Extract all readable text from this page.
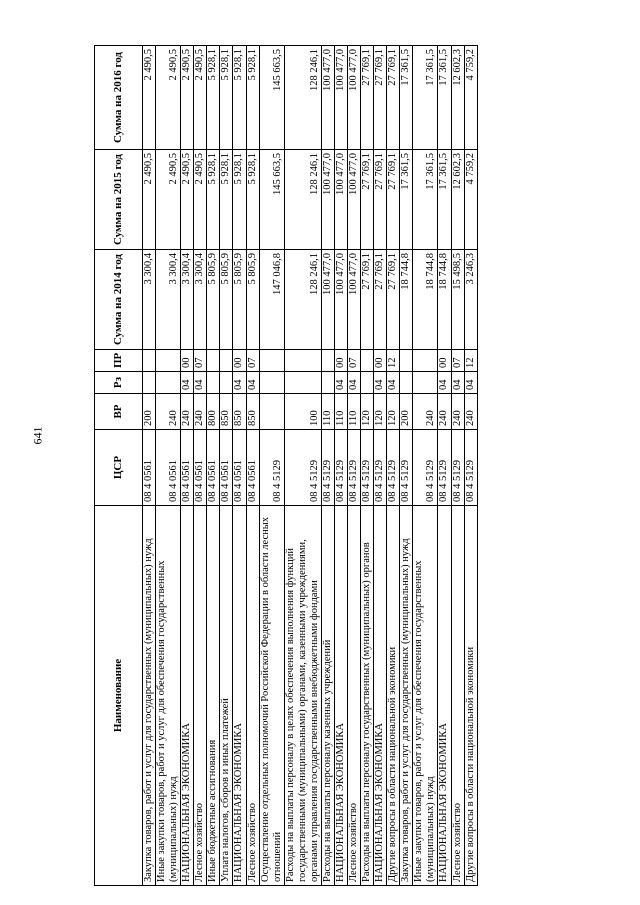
641
Наименование	ЦСР	ВР	Рз	ПР	Сумма на 2014 год	Сумма на 2015 год	Сумма на 2016 год
Закупка товаров, работ и услуг для государственных (муниципальных) нужд	08 4 0561	200			3 300,4	2 490,5	2 490,5
Иные закупки товаров, работ и услуг для обеспечения государственных (муниципальных) нужд	08 4 0561	240			3 300,4	2 490,5	2 490,5
НАЦИОНАЛЬНАЯ ЭКОНОМИКА	08 4 0561	240	04	00	3 300,4	2 490,5	2 490,5
Лесное хозяйство	08 4 0561	240	04	07	3 300,4	2 490,5	2 490,5
Иные бюджетные ассигнования	08 4 0561	800			5 805,9	5 928,1	5 928,1
Уплата налогов, сборов и иных платежей	08 4 0561	850			5 805,9	5 928,1	5 928,1
НАЦИОНАЛЬНАЯ ЭКОНОМИКА	08 4 0561	850	04	00	5 805,9	5 928,1	5 928,1
Лесное хозяйство	08 4 0561	850	04	07	5 805,9	5 928,1	5 928,1
Осуществление отдельных полномочий Российской Федерации в области лесных отношений	08 4 5129				147 046,8	145 663,5	145 663,5
Расходы на выплаты персоналу в целях обеспечения выполнения функций государственными (муниципальными) органами, казенными учреждениями, органами управления государственными внебюджетными фондами	08 4 5129	100			128 246,1	128 246,1	128 246,1
Расходы на выплаты персоналу казенных учреждений	08 4 5129	110			100 477,0	100 477,0	100 477,0
НАЦИОНАЛЬНАЯ ЭКОНОМИКА	08 4 5129	110	04	00	100 477,0	100 477,0	100 477,0
Лесное хозяйство	08 4 5129	110	04	07	100 477,0	100 477,0	100 477,0
Расходы на выплаты персоналу государственных (муниципальных) органов	08 4 5129	120			27 769,1	27 769,1	27 769,1
НАЦИОНАЛЬНАЯ ЭКОНОМИКА	08 4 5129	120	04	00	27 769,1	27 769,1	27 769,1
Другие вопросы в области национальной экономики	08 4 5129	120	04	12	27 769,1	27 769,1	27 769,1
Закупка товаров, работ и услуг для государственных (муниципальных) нужд	08 4 5129	200			18 744,8	17 361,5	17 361,5
Иные закупки товаров, работ и услуг для обеспечения государственных (муниципальных) нужд	08 4 5129	240			18 744,8	17 361,5	17 361,5
НАЦИОНАЛЬНАЯ ЭКОНОМИКА	08 4 5129	240	04	00	18 744,8	17 361,5	17 361,5
Лесное хозяйство	08 4 5129	240	04	07	15 498,5	12 602,3	12 602,3
Другие вопросы в области национальной экономики	08 4 5129	240	04	12	3 246,3	4 759,2	4 759,2
